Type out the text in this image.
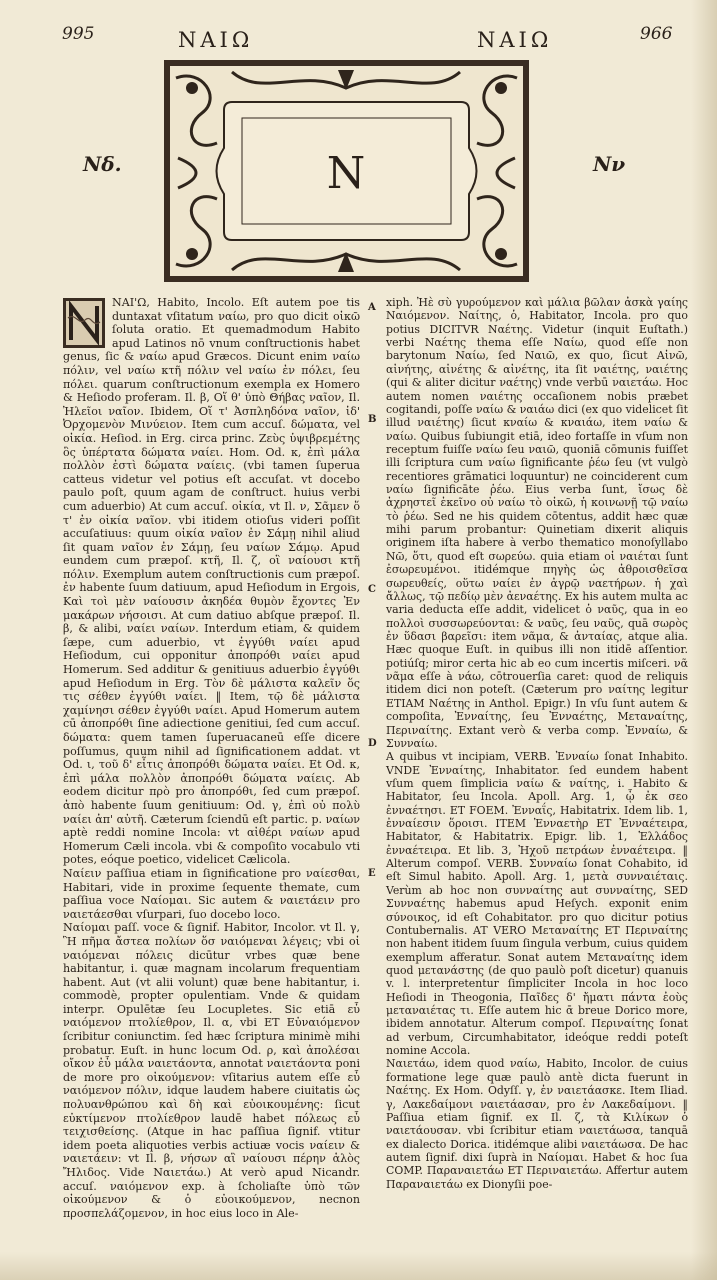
995	ΝΑΙΩ	ΝΑΙΩ	966
Νδ.	Nν
N

ΝΑΙ'Ω, Habito, Incolo. Eſt autem poe tis duntaxat vſitatum ναίω, pro quo dicit οἰκῶ ſoluta oratio. Et quemadmodum Habito apud Latinos nō vnum conſtructionis habet genus, ſic & ναίω apud Græcos. Dicunt enim ναίω πόλιν, vel ναίω κτῆ πόλιν vel ναίω ἐν πόλει, ſeu πόλει. quarum conſtructionum exempla ex Homero & Heſiodo proferam. Il. β, Οἵ θ' ὑπὸ Θήβας ναῖον, Il. Ἠλεῖοι ναῖον. Ibidem, Οἵ τ' Ἀσπληδόνα ναῖον, ἰδ' Ὀρχομενὸν Μινύειον. Item cum accuſ. δώματα, vel οἰκία. Heſiod. in Erg. circa princ. Ζεὺς ὑψιβρεμέτης ὃς ὑπέρτατα δώματα ναίει. Hom. Od. κ, ἐπὶ μάλα πολλὸν ἐστὶ δώματα ναίεις. (vbi tamen ſuperua catteus videtur vel potius eſt accuſat. vt docebo paulo poſt, quum agam de conſtruct. huius verbi cum aduerbio) At cum accuſ. οἰκία, vt Il. ν, Σᾶμεν ὅ τ' ἐν οἰκία ναῖον. vbi itidem otioſus videri poſſit accuſatiuus: quum οἰκία ναῖον ἐν Σάμῃ nihil aliud ſit quam ναῖον ἐν Σάμῃ, ſeu ναίων Σάμῳ. Apud eundem cum præpoſ. κτῆ, Il. ζ, οἳ ναίουσι κτῆ πόλιν. Exemplum autem conſtructionis cum præpoſ. ἐν habente ſuum datiuum, apud Heſiodum in Ergois, Καὶ τοὶ μὲν ναίουσιν ἀκηδέα θυμὸν ἔχοντες Ἐν μακάρων νήσοισι. At cum datiuo abſque præpoſ. Il. β, & alibi, ναίει ναίων. Interdum etiam, & quidem ſæpe, cum aduerbio, vt ἐγγύθι ναίει apud Heſiodum, cui opponitur ἀποπρόθι ναίει apud Homerum. Sed additur & genitiuus aduerbio ἐγγύθι apud Heſiodum in Erg. Τὸν δὲ μάλιστα καλεῖν ὅς τις σέθεν ἐγγύθι ναίει. ‖ Item, τῷ δὲ μάλιστα χαμίνησι σέθεν ἐγγύθι ναίει. Apud Homerum autem cū ἀποπρόθι ſine adiectione genitiui, ſed cum accuſ. δώματα: quem tamen ſuperuacaneū eſſe dicere poſſumus, quum nihil ad ſignificationem addat. vt Od. ι, τοῦ δ' εἶτις ἀποπρόθι δώματα ναίει. Et Od. κ, ἐπὶ μάλα πολλὸν ἀποπρόθι δώματα ναίεις. Ab eodem dicitur πρὸ pro ἀποπρόθι, ſed cum præpoſ. ἀπὸ habente ſuum genitiuum: Od. γ, ἐπὶ οὐ πολὺ ναίει ἀπ' αὐτῆ. Cæterum ſciendū eſt partic. p. ναίων aptè reddi nomine Incola: vt αἰθέρι ναίων apud Homerum Cæli incola. vbi & compoſito vocabulo vti potes, eóque poetico, videlicet Cælicola.

Ναίειν paſſiua etiam in ſignificatione pro ναίεσθαι, Habitari, vide in proxime ſequente themate, cum paſſiua voce Ναίομαι. Sic autem & ναιετάειν pro ναιετάεσθαι vſurpari, ſuo docebo loco.

Ναίομαι paſſ. voce & ſignif. Habitor, Incolor. vt Il. γ, Ἣ πῆμα ἄστεα πολίων ὅσ ναιόμεναι λέγεις; vbi οἱ ναιόμεναι πόλεις dicūtur vrbes quæ bene habitantur, i. quæ magnam incolarum frequentiam habent. Aut (vt alii volunt) quæ bene habitantur, i. commodè, propter opulentiam. Vnde & quidam interpr. Opulētæ ſeu Locupletes. Sic etiā εὖ ναιόμενον πτολίεθρον, Il. α, vbi ET Εὐναιόμενον ſcribitur coniunctim. ſed hæc ſcriptura minimè mihi probatur. Euſt. in hunc locum Od. ρ, καὶ ἀπολέσαι οἴκον ἐὖ μάλα ναιετάοντα, annotat ναιετάοντα poni de more pro οἰκούμενον: vſitarius autem eſſe εὖ ναιόμενον πόλιν, idque laudem habere ciuitatis ὡς πολυανθρώπου καὶ δὴ καὶ εὐοικουμένης: ſicut εὐκτίμενον πτολίεθρον laudē habet πόλεως εὖ τειχισθείσης. (Atque in hac paſſiua ſignif. vtitur idem poeta aliquoties verbis actiuæ vocis ναίειν & ναιετάειν: vt Il. β, νήσων αἳ ναίουσι πέρην ἁλὸς Ἤλιδος. Vide Ναιετάω.) At verò apud Nicandr. accuſ. ναιόμενον exp. à ſcholiaſte ὑπὸ τῶν οἰκούμενον & ὁ εὐοικούμενον, necnon προσπελάζομενον, in hoc eius loco in Ale-

xiph. Ἠὲ σὺ γυρούμενον καὶ μάλια βῶλαν ἀσκὰ γαίης Ναιόμενον. Ναίτης, ὁ, Habitator, Incola. pro quo potius DICITVR Ναέτης. Videtur (inquit Euſtath.) verbi Ναέτης thema eſſe Ναίω, quod eſſe non barytonum Ναίω, ſed Ναιῶ, ex quo, ſicut Αἰνῶ, αἰνήτης, αἰνέτης & αἰνέτης, ita ſit ναιέτης, ναιέτης (qui & aliter dicitur ναέτης) vnde verbū ναιετάω. Hoc autem nomen ναιέτης occaſionem nobis præbet cogitandi, poſſe ναίω & ναιάω dici (ex quo videlicet ſit illud ναιέτης) ſicut κναίω & κναιάω, item ναίω & ναίω. Quibus ſubiungit etiā, ideo fortaſſe in vſum non receptum fuiſſe ναίω ſeu ναιῶ, quoniā cōmunis fuiſſet illi ſcriptura cum ναίω ſignificante ῥέω ſeu (vt vulgò recentiores grāmatici loquuntur) ne coinciderent cum ναίω ſignificāte ῥέω. Eius verba ſunt, ἴσως δὲ ἀχρηστεῖ ἐκεῖνο οὐ ναίω τὸ οἰκῶ, ἡ κοινωνῇ τῷ ναίω τὸ ῥέω. Sed ne his quidem cōtentus, addit hæc quæ mihi parum probantur: Quinetiam dixerit aliquis originem iſta habere à verbo thematico monoſyllabo Νῶ, ὅτι, quod eſt σωρεύω. quia etiam οἱ ναιέται ſunt ἐσωρευμένοι. itidémque πηγὴς ὡς ἀθροισθεῖσα σωρευθείς, οὕτω ναίει ἐν ἀγρῷ ναετήρων. ἡ χαὶ ἄλλως, τῷ πεδίῳ μὲν ἀεναέτης. Ex his autem multa ac varia deducta eſſe addit, videlicet ὁ ναῦς, qua in eo πολλοὶ συσσωρεύονται: & ναῦς, ſeu ναῦς, quā σωρὸς ἐν ὕδασι βαρεῖσι: item νᾶμα, & ἀνταίας, atque alia. Hæc quoque Euſt. in quibus illi non itidē aſſentior. potiúſq; miror certa hic ab eo cum incertis miſceri. νᾶ νᾶμα eſſe à νάω, cōtrouerſia caret: quod de reliquis itidem dici non poteſt. (Cæterum pro ναίτης legitur ETIAM Ναέτης in Anthol. Epigr.) In vſu ſunt autem & compoſita, Ἐνναίτης, ſeu Ἐνναέτης, Μεταναίτης, Περιναίτης. Extant verò & verba comp. Ἐνναίω, & Συνναίω.

A quibus vt incipiam, VERB. Ἐνναίω ſonat Inhabito. VNDE Ἐνναίτης, Inhabitator. ſed eundem habent vſum quem ſimplicia ναίω & ναίτης, i. Habito & Habitator, ſeu Incola. Apoll. Arg. 1, ᾧ ἐκ σεο ἐνναέτησι. ET FOEM. Ἐνναΐς, Habitatrix. Idem lib. 1, ἐνναίεσιν ὅροισι. ITEM Ἐνναετὴρ ET Ἐνναέτειρα, Habitator, & Habitatrix. Epigr. lib. 1, Ἑλλάδος ἐνναέτειρα. Et lib. 3, Ἠχοῦ πετράων ἐνναέτειρα. ‖ Alterum compoſ. VERB. Συνναίω ſonat Cohabito, id eſt Simul habito. Apoll. Arg. 1, μετὰ συνναιέταις. Verùm ab hoc non συνναίτης aut συνναίτης, SED Συνναέτης habemus apud Heſych. exponit enim σύνοικος, id eſt Cohabitator. pro quo dicitur potius Contubernalis. AT VERO Μεταναίτης ET Περιναίτης non habent itidem ſuum ſingula verbum, cuius quidem exemplum afferatur. Sonat autem Μεταναίτης idem quod μετανάστης (de quo paulò poſt dicetur) quanuis v. l. interpretentur ſimpliciter Incola in hoc loco Heſiodi in Theogonia, Παῖδες δ' ἤματι πάντα ἐοὺς μεταναιέτας τι. Eſſe autem hic ᾱ breue Dorico more, ibidem annotatur. Alterum compoſ. Περιναίτης ſonat ad verbum, Circumhabitator, ideóque reddi poteſt nomine Accola.

Ναιετάω, idem quod ναίω, Habito, Incolor. de cuius formatione lege quæ paulò antè dicta fuerunt in Ναέτης. Ex Hom. Odyſſ. γ, ἐν ναιετάασκε. Item Iliad. γ, Λακεδαίμονι ναιετάασαν, pro ἐν Λακεδαίμονι. ‖ Paſſiua etiam ſignif. ex Il. ζ, τὰ Κιλίκων ὁ ναιετάουσαν. vbi ſcribitur etiam ναιετάωσα, tanquā ex dialecto Dorica. itidémque alibi ναιετάωσα. De hac autem ſignif. dixi ſuprà in Ναίομαι. Habet & hoc ſua COMP. Παραναιετάω ET Περιναιετάω. Affertur autem Παραναιετάω ex Dionyſii poe-

A
B
C
D
E
